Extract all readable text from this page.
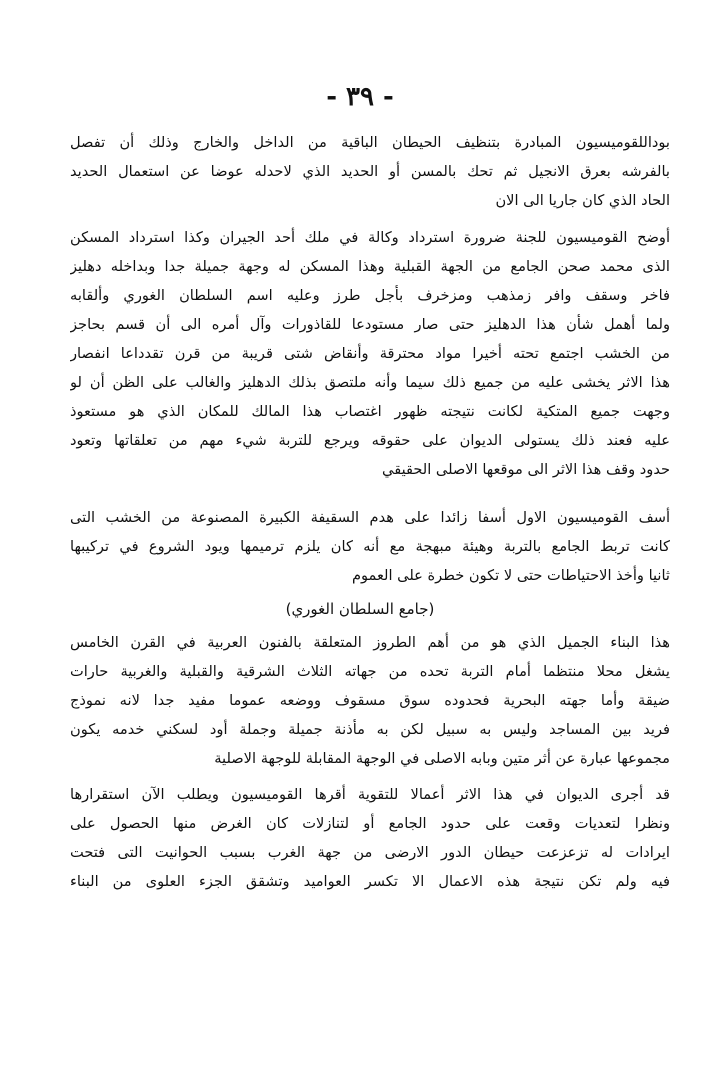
- ٣٩ -
بوداللقوميسيون المبادرة بتنظيف الحيطان الباقية من الداخل والخارج وذلك أن تفصل
بالفرشه بعرق الانجيل ثم تحك بالمسن أو الحديد الذي لاحدله عوضا عن استعمال الحديد
الحاد الذي كان جاريا الى الان
أوضح القوميسيون للجنة ضرورة استرداد وكالة في ملك أحد الجيران وكذا استرداد المسكن
الذى محمد صحن الجامع من الجهة القبلية وهذا المسكن له وجهة جميلة جدا وبداخله دهليز
فاخر وسقف وافر زمذهب ومزخرف بأجل طرز وعليه اسم السلطان الغوري وألقابه
ولما أهمل شأن هذا الدهليز حتى صار مستودعا للقاذورات وآل أمره الى أن قسم بحاجز
من الخشب اجتمع تحته أخيرا مواد محترقة وأنقاض شتى قريبة من قرن تقدداعا انفصار
هذا الاثر يخشى عليه من جميع ذلك سيما وأنه ملتصق بذلك الدهليز والغالب على الظن أن لو
وجهت جميع المتكية لكانت نتيجته ظهور اغتصاب هذا المالك للمكان الذي هو مستعوذ
عليه فعند ذلك يستولى الديوان على حقوقه ويرجع للتربة شيء مهم من تعلقاتها وتعود
حدود وقف هذا الاثر الى موقعها الاصلى الحقيقي
أسف القوميسيون الاول أسفا زائدا على هدم السقيفة الكبيرة المصنوعة من الخشب التى
كانت تربط الجامع بالتربة وهيئة مبهجة مع أنه كان يلزم ترميمها ويود الشروع في تركيبها
ثانيا وأخذ الاحتياطات حتى لا تكون خطرة على العموم
(جامع السلطان الغوري)
هذا البناء الجميل الذي هو من أهم الطروز المتعلقة بالفنون العربية في القرن الخامس
يشغل محلا منتظما أمام التربة تحده من جهاته الثلاث الشرقية والقبلية والغربية حارات
ضيقة وأما جهته البحرية فحدوده سوق مسقوف ووضعه عموما مفيد جدا لانه نموذج
فريد بين المساجد وليس به سبيل لكن به مأذنة جميلة وجملة أود لسكني خدمه يكون
مجموعها عبارة عن أثر متين وبابه الاصلى في الوجهة المقابلة للوجهة الاصلية
قد أجرى الديوان في هذا الاثر أعمالا للتقوية أقرها القوميسيون ويطلب الآن استقرارها
ونظرا لتعديات وقعت على حدود الجامع أو لتنازلات كان الغرض منها الحصول على
ايرادات له تزعزعت حيطان الدور الارضى من جهة الغرب بسبب الحوانيت التى فتحت
فيه ولم تكن نتيجة هذه الاعمال الا تكسر العواميد وتشقق الجزء العلوى من البناء
